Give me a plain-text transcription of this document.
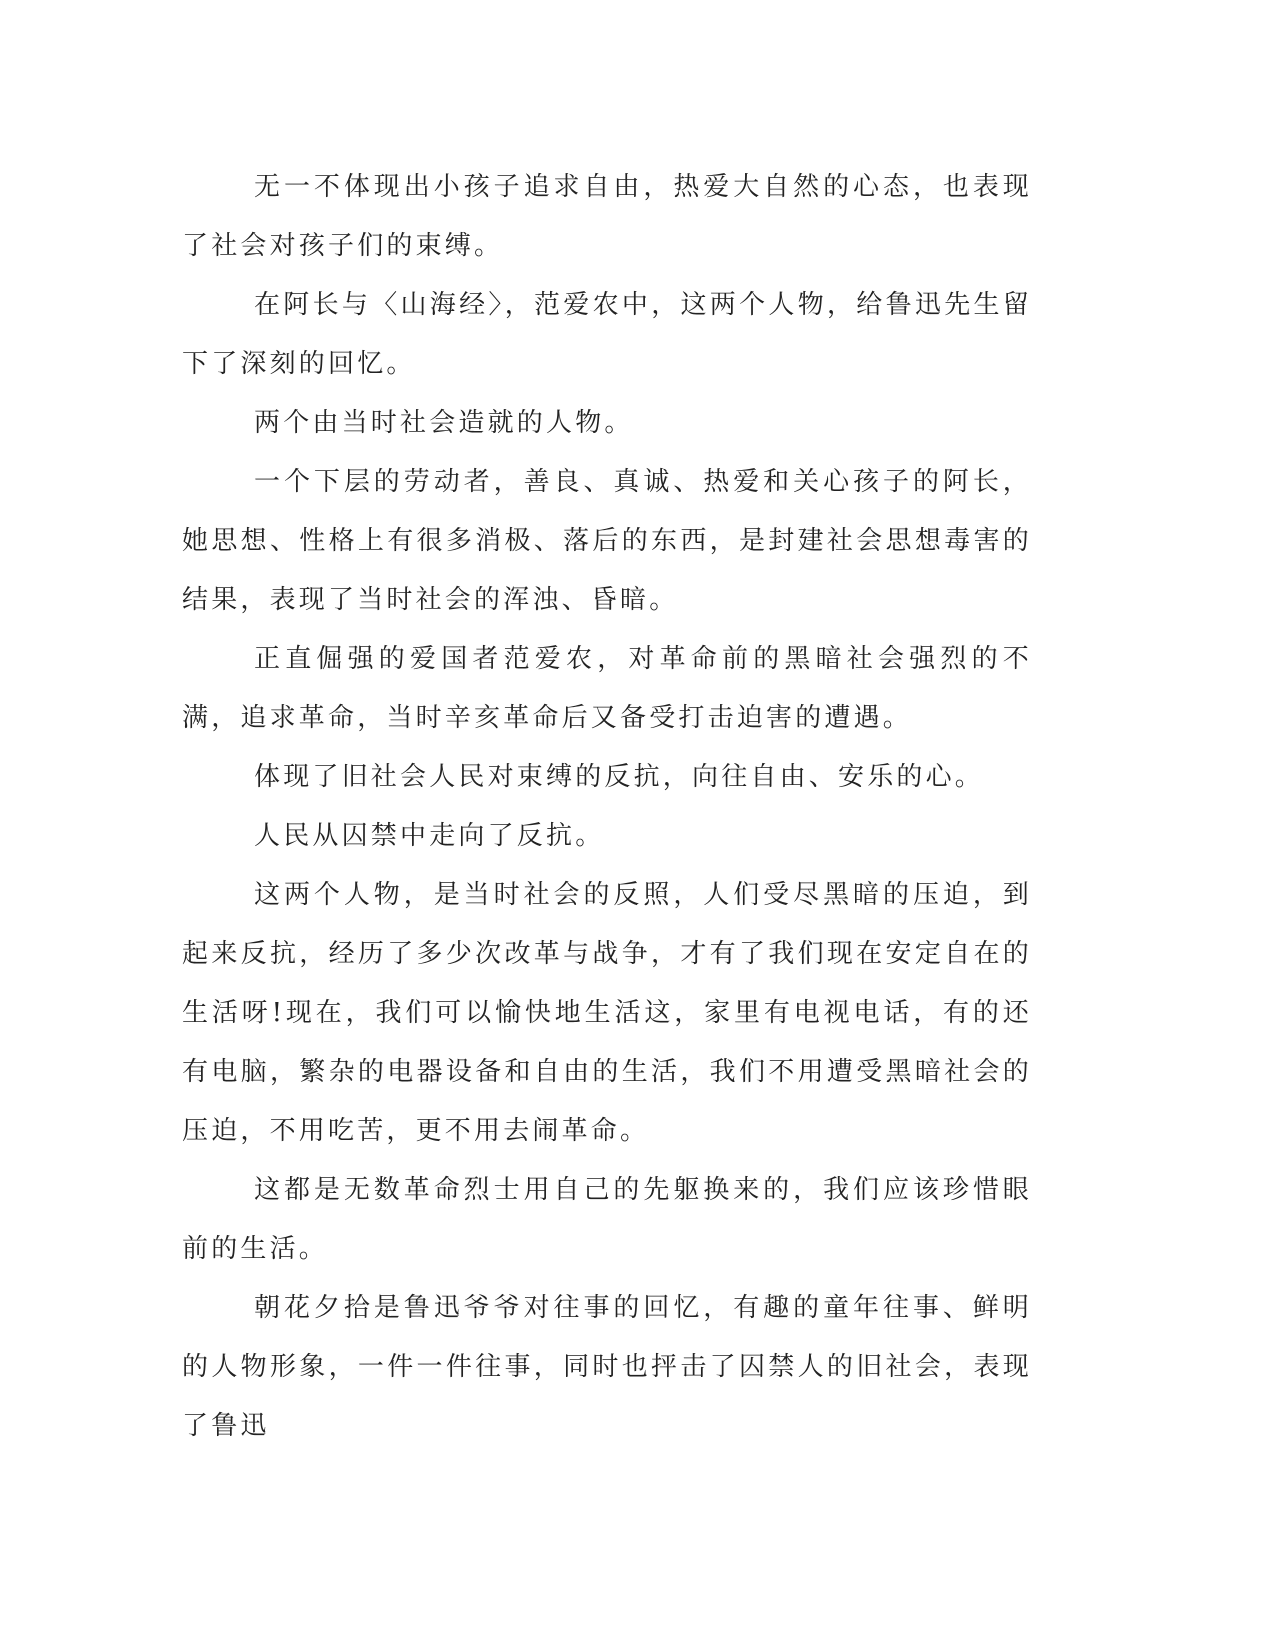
无一不体现出小孩子追求自由，热爱大自然的心态，也表现了社会对孩子们的束缚。

在阿长与〈山海经〉，范爱农中，这两个人物，给鲁迅先生留下了深刻的回忆。

两个由当时社会造就的人物。

一个下层的劳动者，善良、真诚、热爱和关心孩子的阿长，她思想、性格上有很多消极、落后的东西，是封建社会思想毒害的结果，表现了当时社会的浑浊、昏暗。

正直倔强的爱国者范爱农，对革命前的黑暗社会强烈的不满，追求革命，当时辛亥革命后又备受打击迫害的遭遇。

体现了旧社会人民对束缚的反抗，向往自由、安乐的心。

人民从囚禁中走向了反抗。

这两个人物，是当时社会的反照，人们受尽黑暗的压迫，到起来反抗，经历了多少次改革与战争，才有了我们现在安定自在的生活呀!现在，我们可以愉快地生活这，家里有电视电话，有的还有电脑，繁杂的电器设备和自由的生活，我们不用遭受黑暗社会的压迫，不用吃苦，更不用去闹革命。

这都是无数革命烈士用自己的先躯换来的，我们应该珍惜眼前的生活。

朝花夕拾是鲁迅爷爷对往事的回忆，有趣的童年往事、鲜明的人物形象，一件一件往事，同时也抨击了囚禁人的旧社会，表现了鲁迅
